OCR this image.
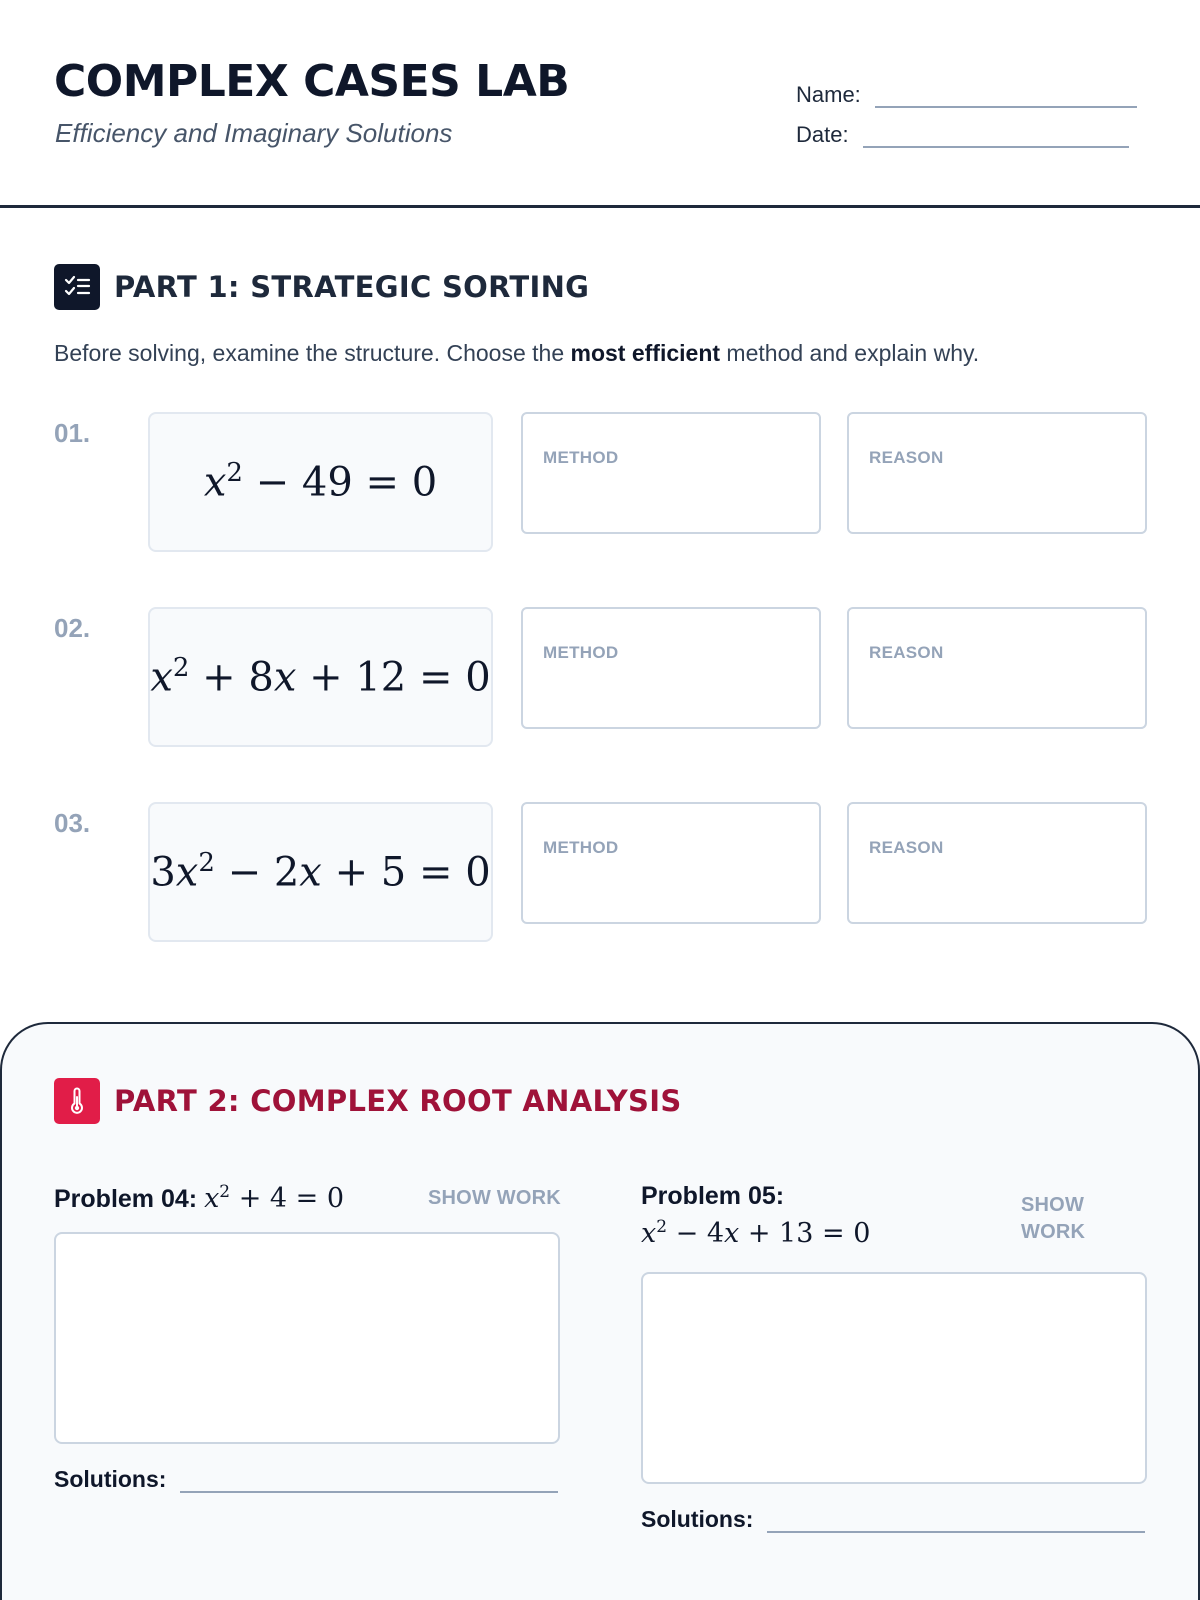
COMPLEX CASES LAB
Efficiency and Imaginary Solutions
Name:
Date:
PART 1: STRATEGIC SORTING
Before solving, examine the structure. Choose the most efficient method and explain why.
01.
$x^2 - 49 = 0$
METHOD	REASON
02.
$x^2 + 8x + 12 = 0$
METHOD	REASON
03.
$3x^2 - 2x + 5 = 0$
METHOD	REASON
PART 2: COMPLEX ROOT ANALYSIS
Problem 04: $x^2 + 4 = 0$	SHOW WORK
Solutions:
Problem 05:
$x^2 - 4x + 13 = 0$
SHOW
WORK
Solutions:
